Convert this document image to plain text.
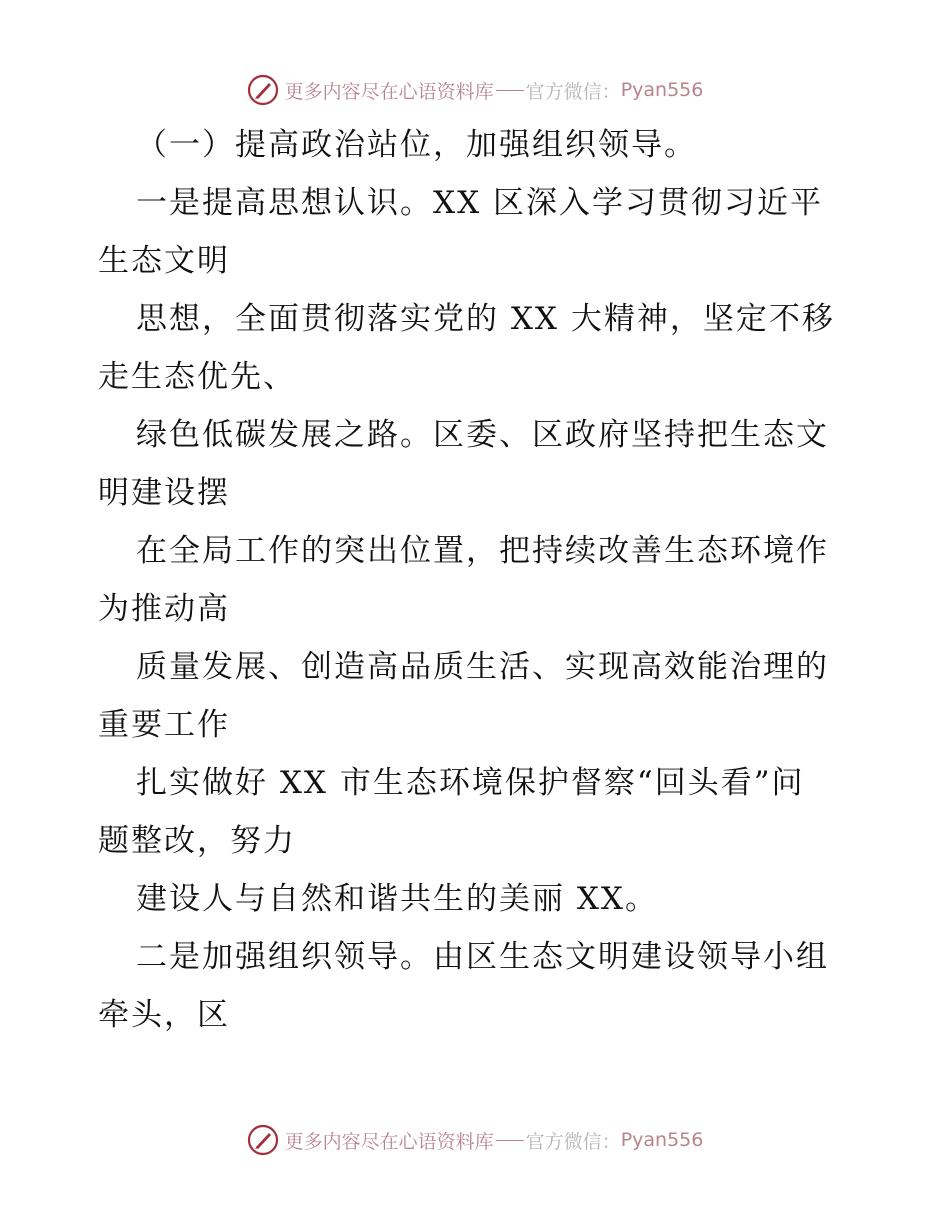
更多内容尽在心语资料库 官方微信： Pyan556
（一）提高政治站位，加强组织领导。
一是提高思想认识。XX 区深入学习贯彻习近平
生态文明
思想，全面贯彻落实党的 XX 大精神，坚定不移
走生态优先、
绿色低碳发展之路。区委、区政府坚持把生态文
明建设摆
在全局工作的突出位置，把持续改善生态环境作
为推动高
质量发展、创造高品质生活、实现高效能治理的
重要工作
扎实做好 XX 市生态环境保护督察“回头看”问
题整改，努力
建设人与自然和谐共生的美丽 XX。
二是加强组织领导。由区生态文明建设领导小组
牵头，区
更多内容尽在心语资料库 官方微信： Pyan556
